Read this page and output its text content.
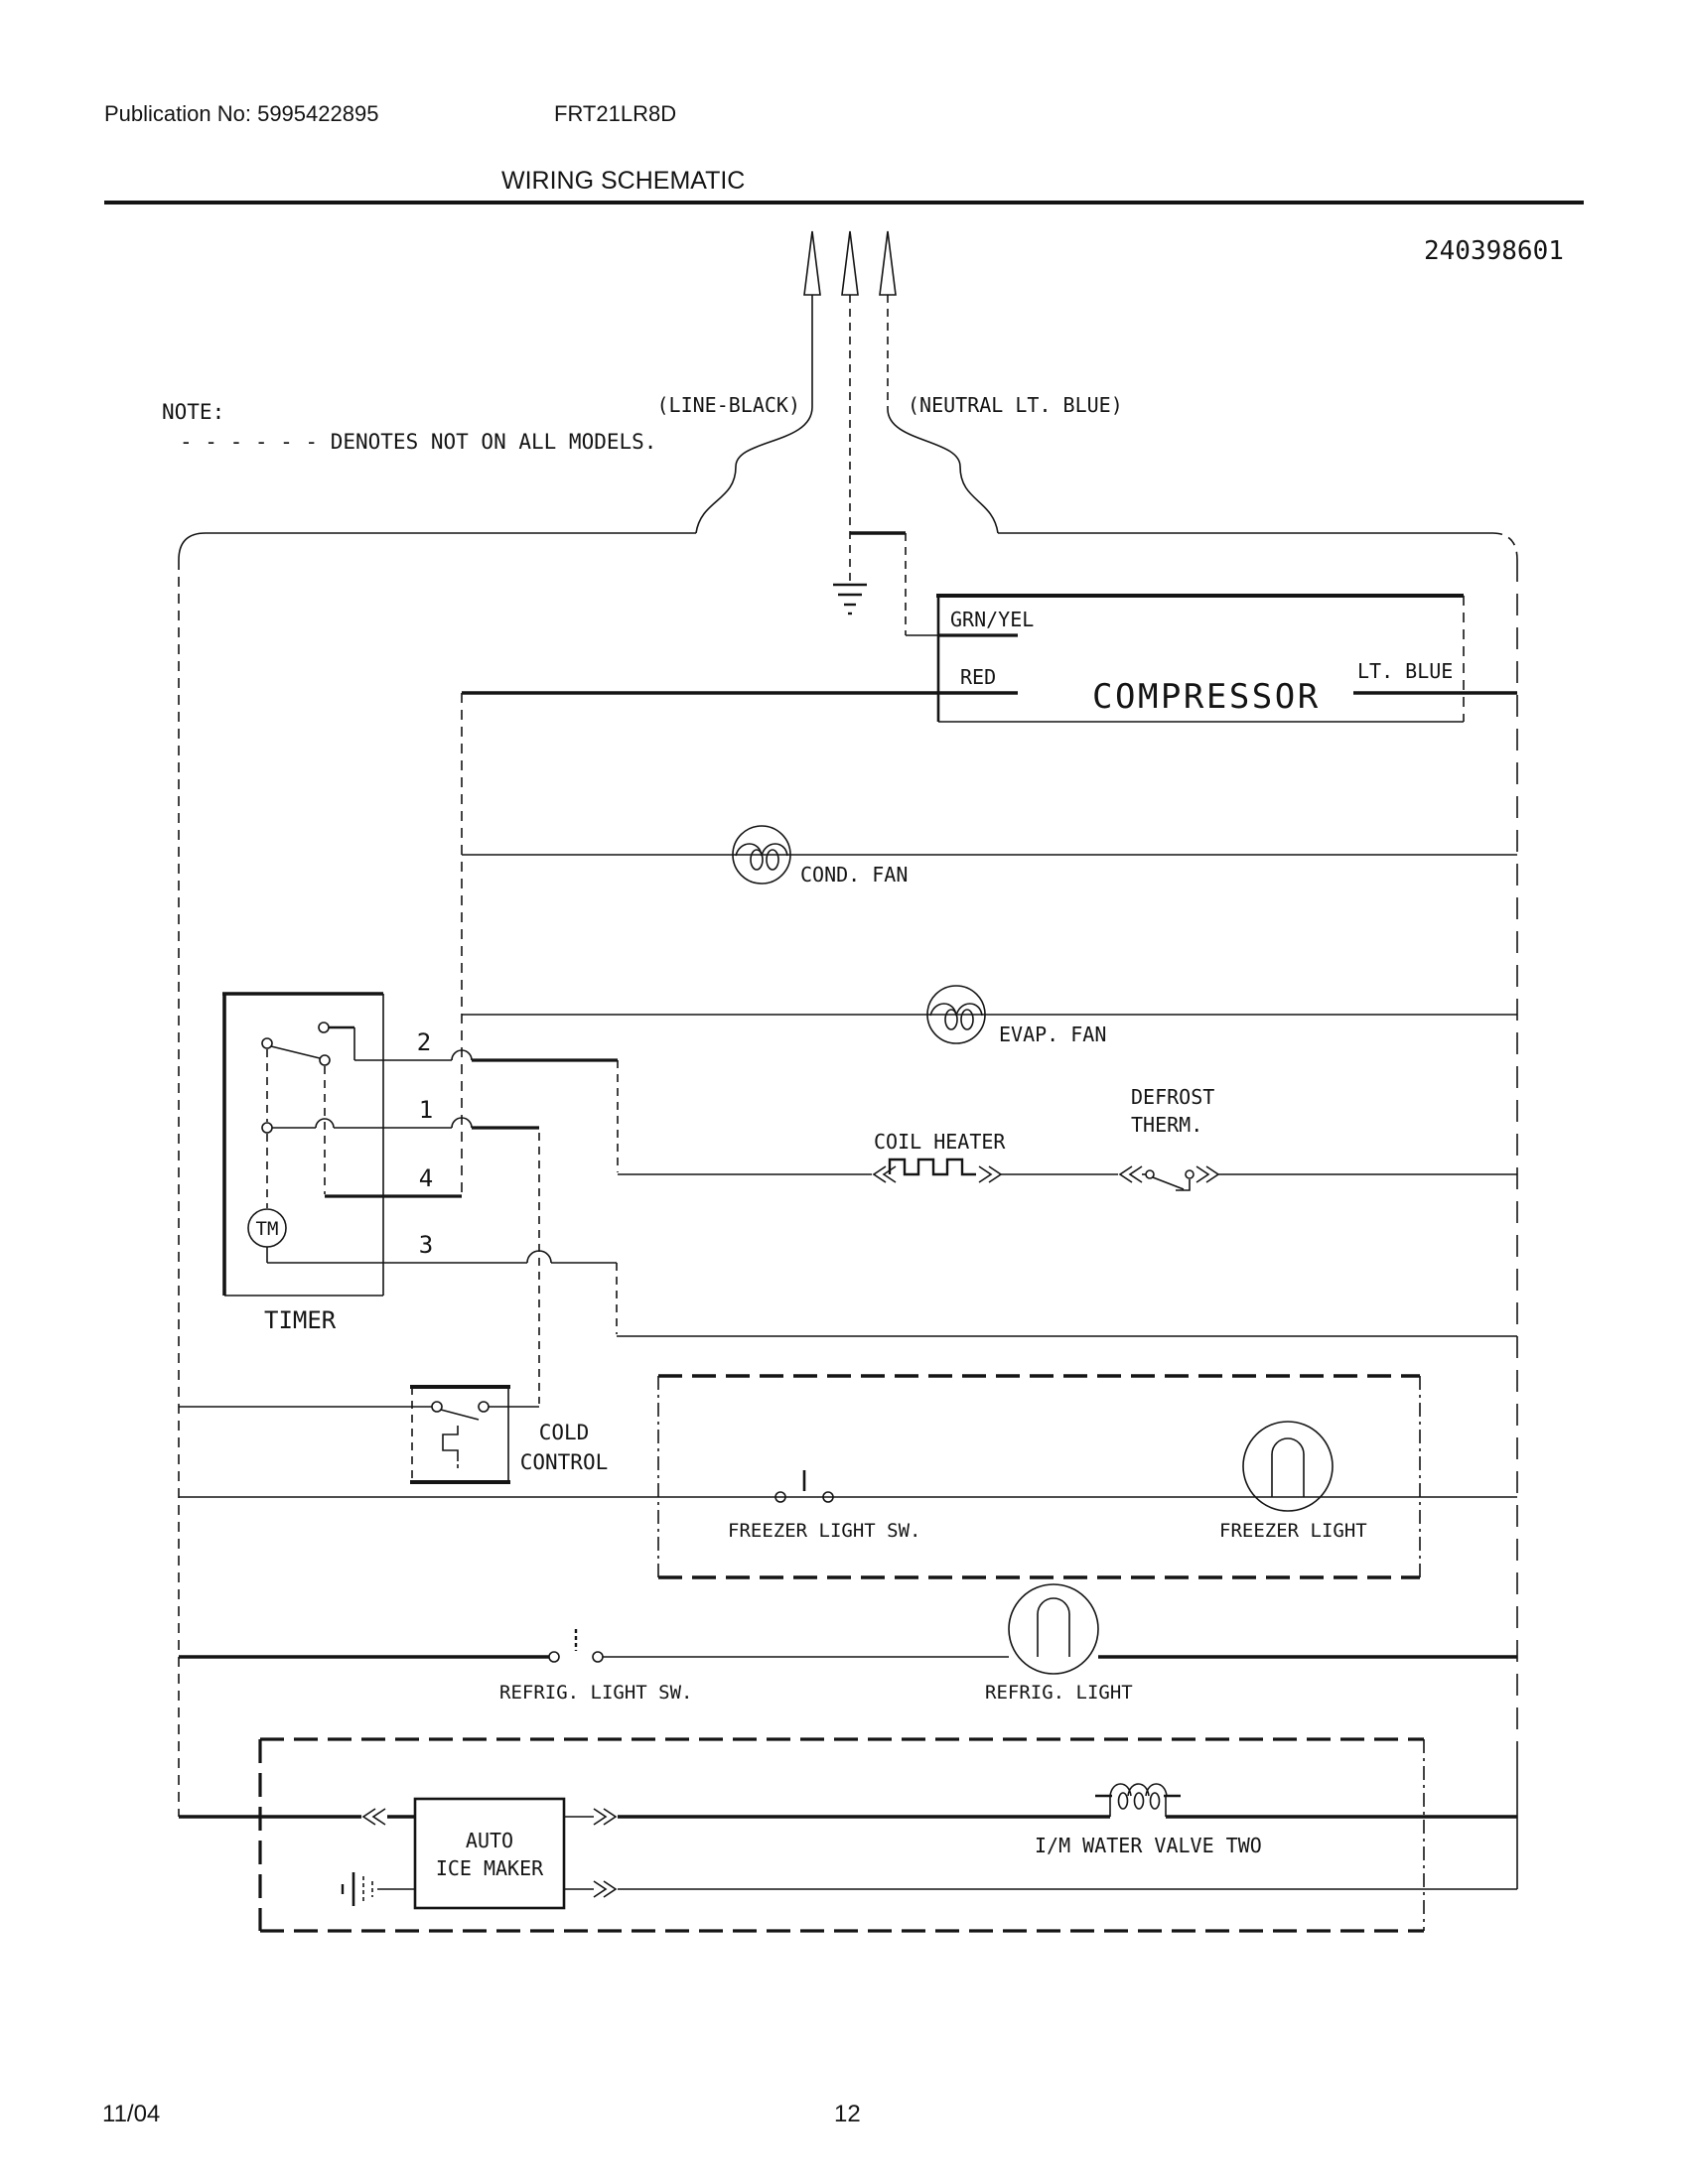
Publication No: 5995422895	FRT21LR8D
WIRING SCHEMATIC
240398601
NOTE:
- - - - - - DENOTES NOT ON ALL MODELS.
(LINE-BLACK)	(NEUTRAL LT. BLUE)
GRN/YEL
RED	COMPRESSOR
LT. BLUE
COND. FAN
EVAP. FAN
TM
2
1
4
3
TIMER
COIL HEATER
DEFROST
THERM.
COLD
CONTROL
FREEZER LIGHT SW.	FREEZER LIGHT
REFRIG. LIGHT SW.	REFRIG. LIGHT
AUTO
ICE MAKER
I/M WATER VALVE TWO
11/04	12
